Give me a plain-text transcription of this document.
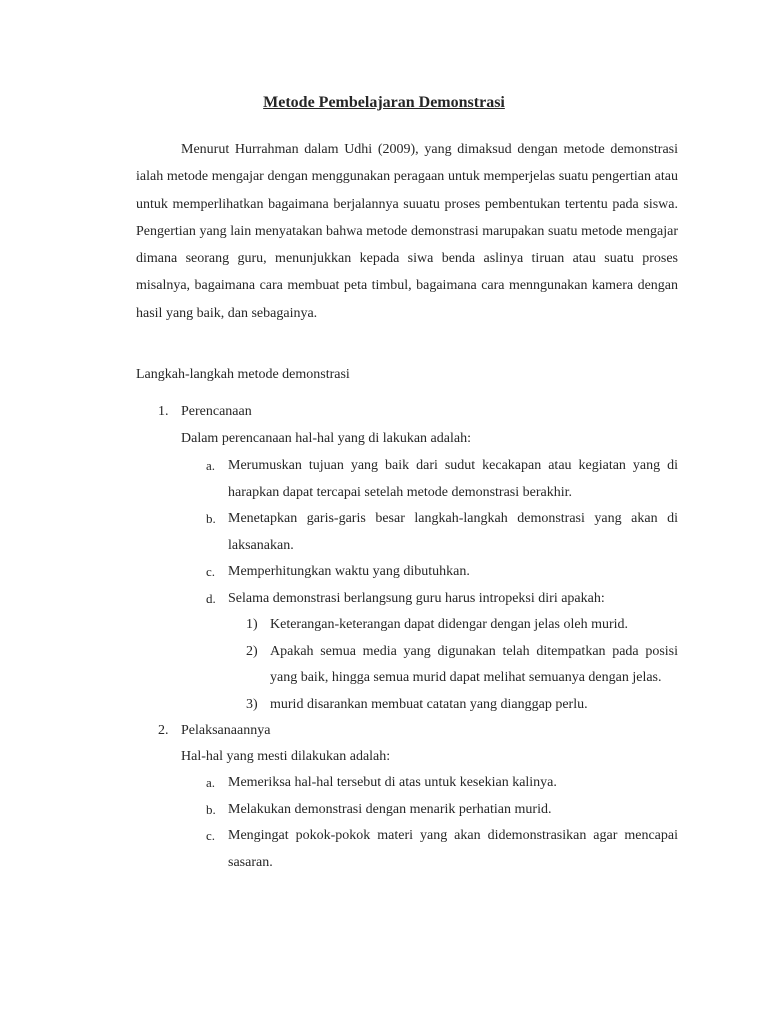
Metode Pembelajaran Demonstrasi

Menurut Hurrahman dalam Udhi (2009), yang dimaksud dengan metode demonstrasi ialah metode mengajar dengan menggunakan peragaan untuk memperjelas suatu pengertian atau untuk memperlihatkan bagaimana berjalannya suuatu proses pembentukan tertentu pada siswa. Pengertian yang lain menyatakan bahwa metode demonstrasi marupakan suatu metode mengajar dimana seorang guru, menunjukkan kepada siwa benda aslinya tiruan atau suatu proses misalnya, bagaimana cara membuat peta timbul, bagaimana cara menngunakan kamera dengan hasil yang baik, dan sebagainya.

Langkah-langkah metode demonstrasi

1. Perencanaan
Dalam perencanaan hal-hal yang di lakukan adalah:
a. Merumuskan tujuan yang baik dari sudut kecakapan atau kegiatan yang di harapkan dapat tercapai setelah metode demonstrasi berakhir.
b. Menetapkan garis-garis besar langkah-langkah demonstrasi yang akan di laksanakan.
c. Memperhitungkan waktu yang dibutuhkan.
d. Selama demonstrasi berlangsung guru harus intropeksi diri apakah:
1) Keterangan-keterangan dapat didengar dengan jelas oleh murid.
2) Apakah semua media yang digunakan telah ditempatkan pada posisi yang baik, hingga semua murid dapat melihat semuanya dengan jelas.
3) murid disarankan membuat catatan yang dianggap perlu.
2. Pelaksanaannya
Hal-hal yang mesti dilakukan adalah:
a. Memeriksa hal-hal tersebut di atas untuk kesekian kalinya.
b. Melakukan demonstrasi dengan menarik perhatian murid.
c. Mengingat pokok-pokok materi yang akan didemonstrasikan agar mencapai sasaran.
